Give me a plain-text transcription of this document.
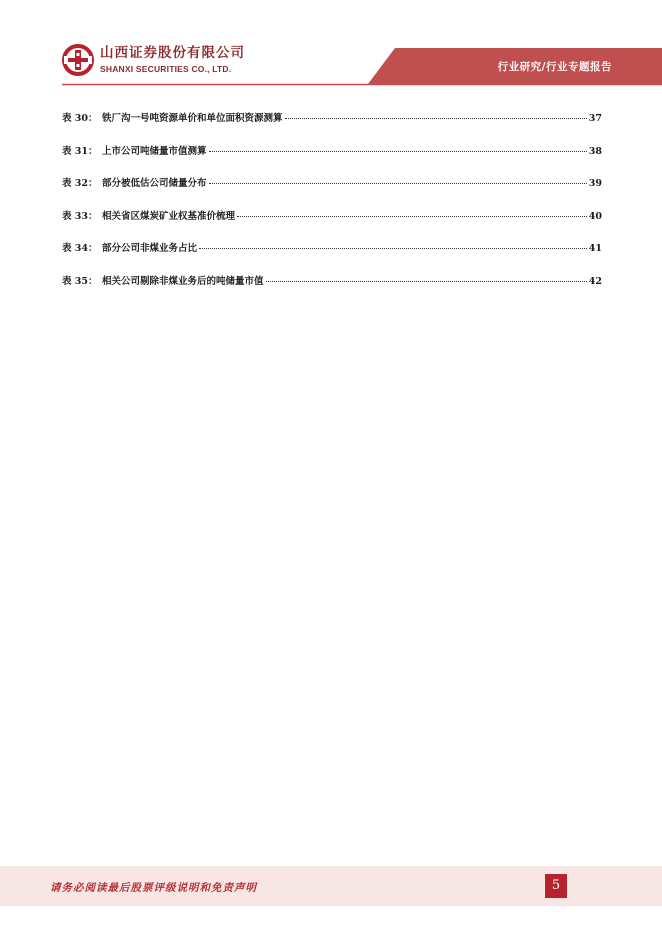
山西证券股份有限公司
SHANXI SECURITIES CO., LTD.	行业研究/行业专题报告
表 30： 铁厂沟一号吨资源单价和单位面积资源测算	37
表 31： 上市公司吨储量市值测算	38
表 32： 部分被低估公司储量分布	39
表 33： 相关省区煤炭矿业权基准价梳理	40
表 34： 部分公司非煤业务占比	41
表 35： 相关公司剔除非煤业务后的吨储量市值	42
请务必阅读最后股票评级说明和免责声明	5
